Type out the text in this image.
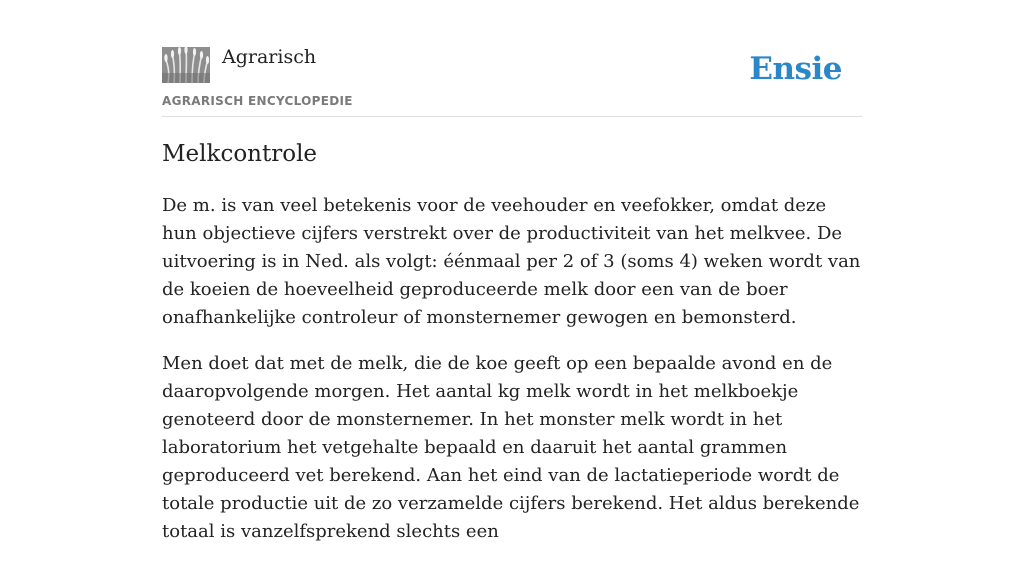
Agrarisch
AGRARISCH ENCYCLOPEDIE
Ensie
Melkcontrole

De m. is van veel betekenis voor de veehouder en veefokker, omdat deze hun objectieve cijfers verstrekt over de productiviteit van het melkvee. De uitvoering is in Ned. als volgt: éénmaal per 2 of 3 (soms 4) weken wordt van de koeien de hoeveelheid geproduceerde melk door een van de boer onafhankelijke controleur of monsternemer gewogen en bemonsterd.

Men doet dat met de melk, die de koe geeft op een bepaalde avond en de daaropvolgende morgen. Het aantal kg melk wordt in het melkboekje genoteerd door de monsternemer. In het monster melk wordt in het laboratorium het vetgehalte bepaald en daaruit het aantal grammen geproduceerd vet berekend. Aan het eind van de lactatieperiode wordt de totale productie uit de zo verzamelde cijfers berekend. Het aldus berekende totaal is vanzelfsprekend slechts een
